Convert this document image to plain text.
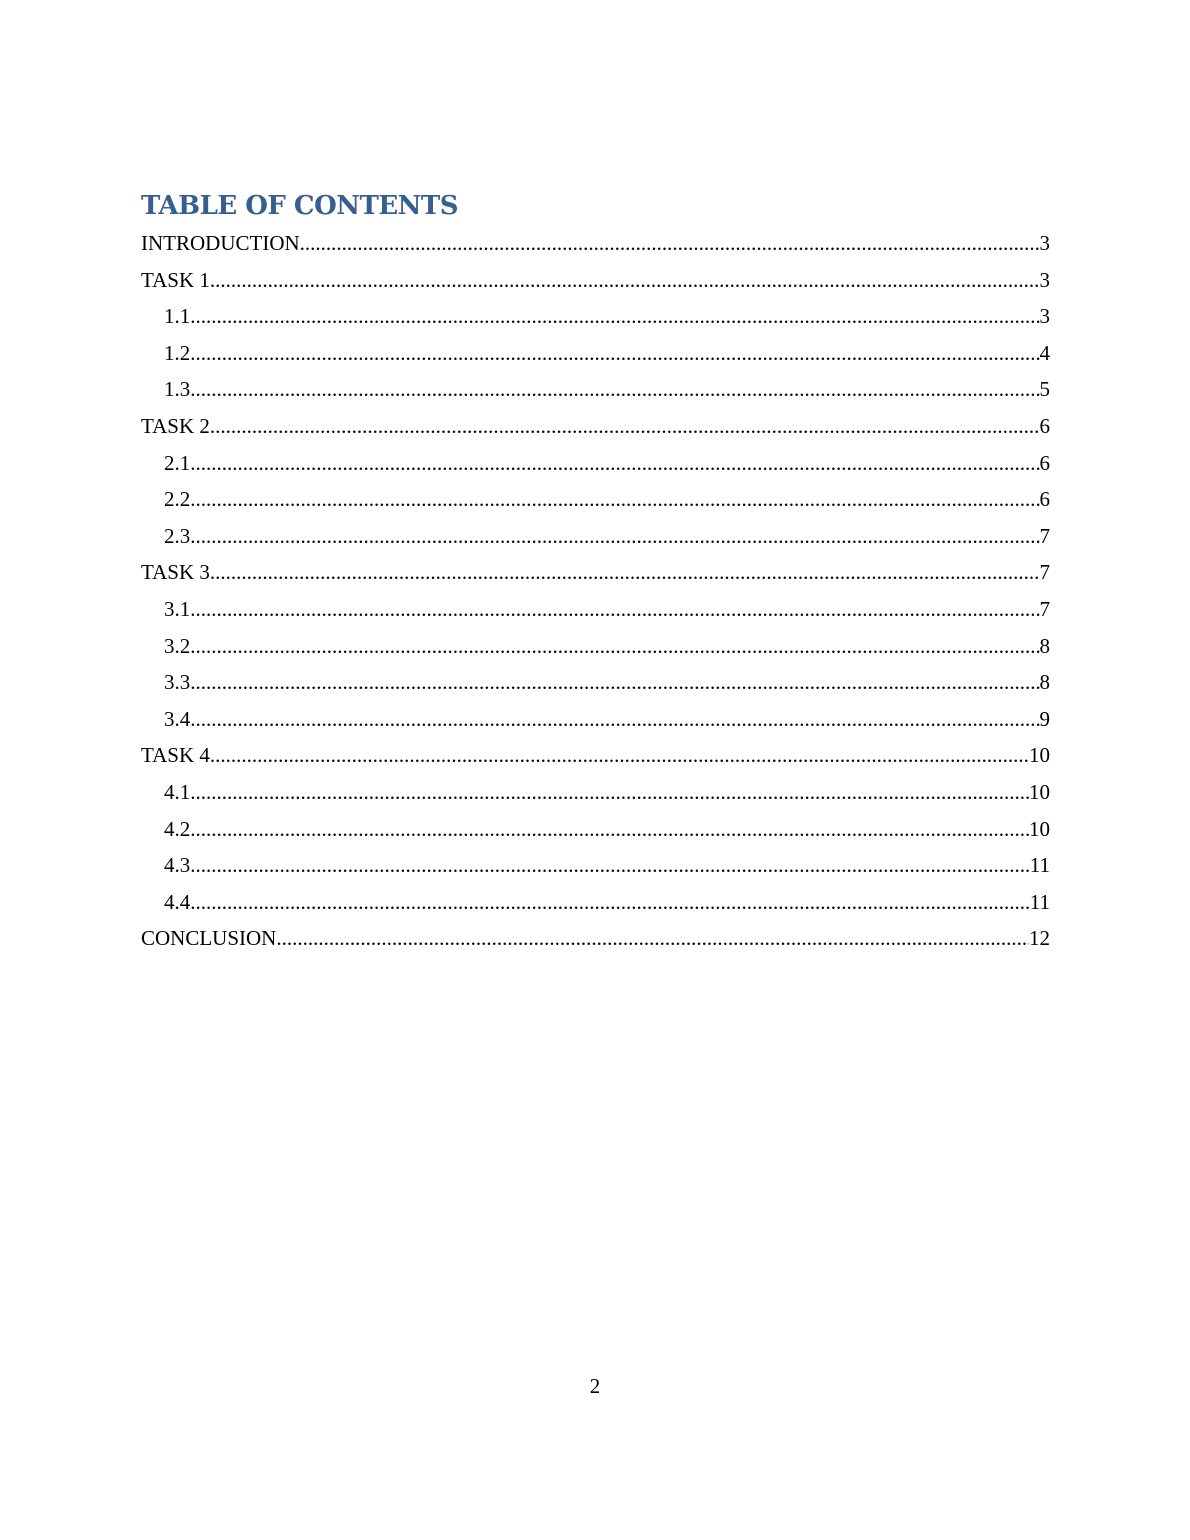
TABLE OF CONTENTS
INTRODUCTION .....	3
TASK 1 .....	3
1.1 .....	3
1.2 .....	4
1.3 .....	5
TASK 2 .....	6
2.1 .....	6
2.2 .....	6
2.3 .....	7
TASK 3 .....	7
3.1 .....	7
3.2 .....	8
3.3 .....	8
3.4 .....	9
TASK 4 .....	10
4.1 .....	10
4.2 .....	10
4.3 .....	11
4.4 .....	11
CONCLUSION .....	12
2
